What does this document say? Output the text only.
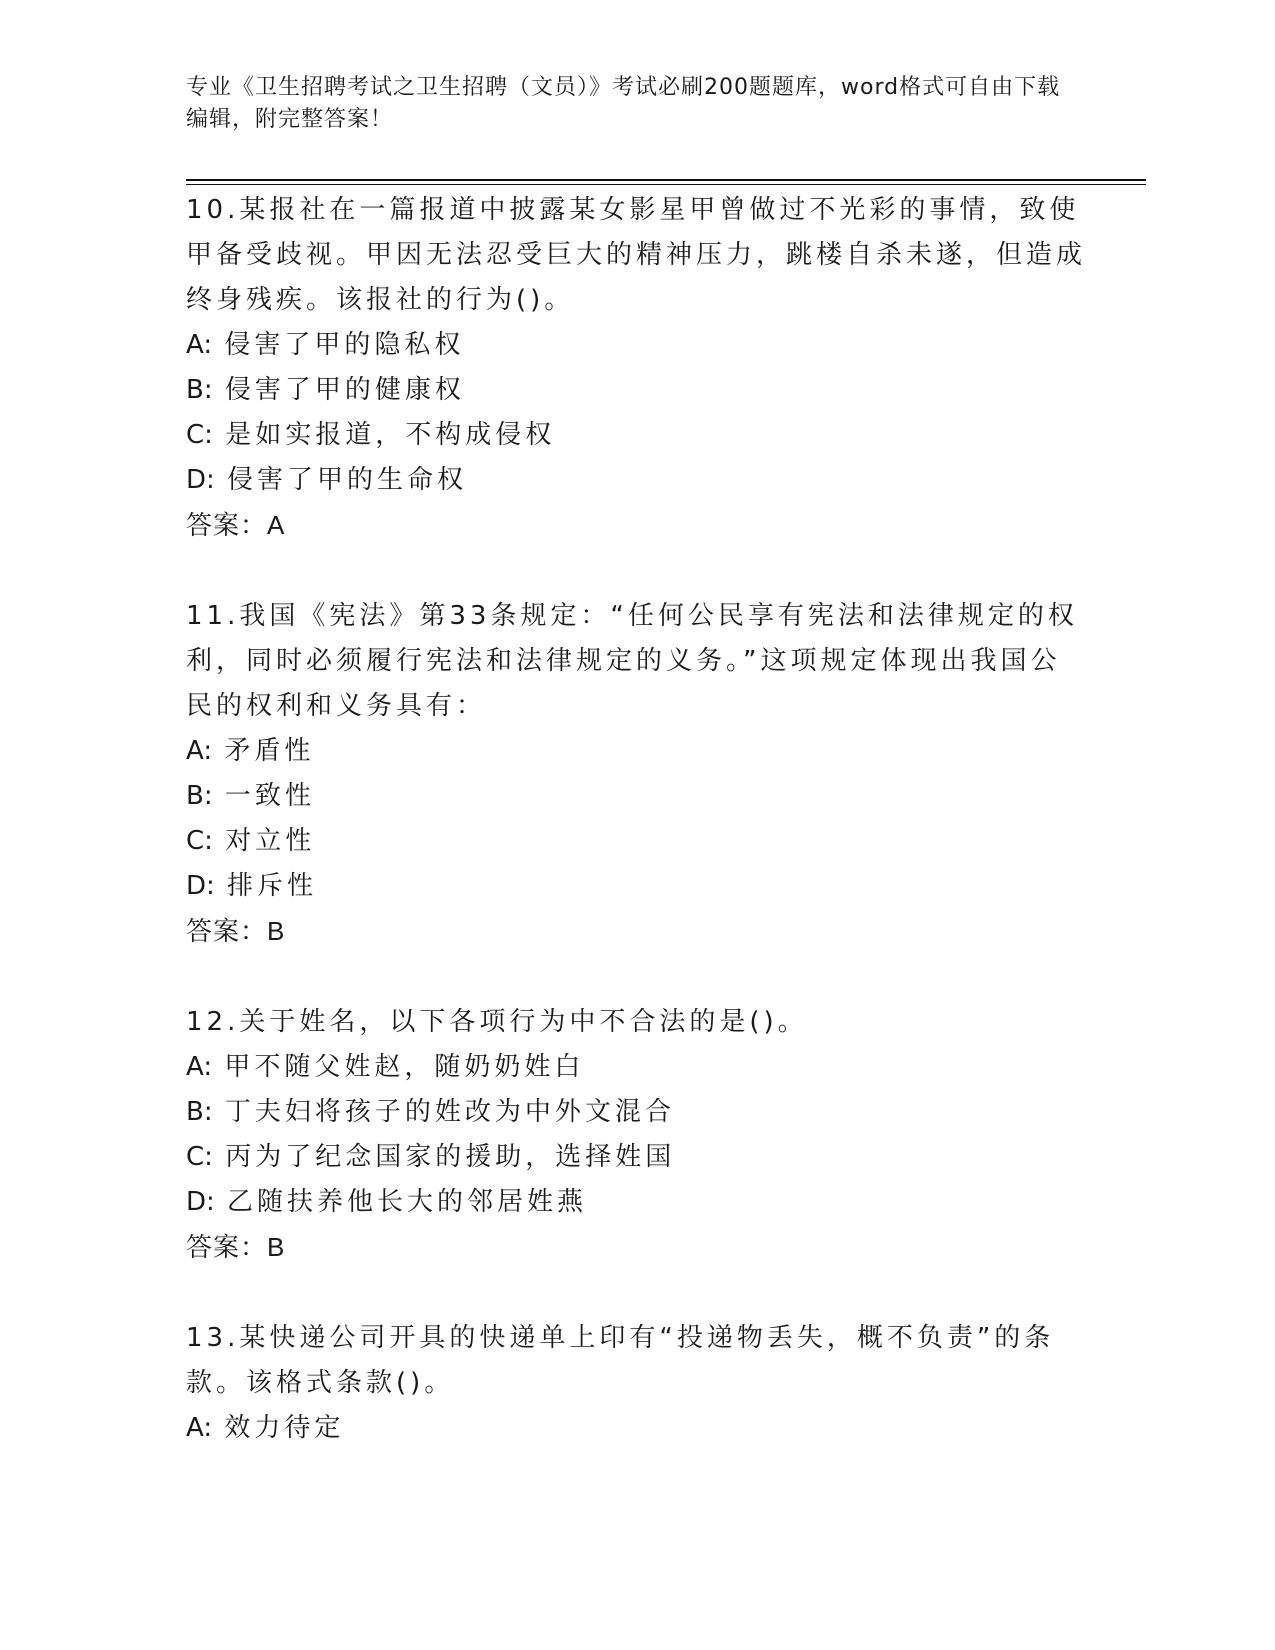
专业《卫生招聘考试之卫生招聘（文员）》考试必刷200题题库，word格式可自由下载编辑，附完整答案！

10.某报社在一篇报道中披露某女影星甲曾做过不光彩的事情，致使甲备受歧视。甲因无法忍受巨大的精神压力，跳楼自杀未遂，但造成终身残疾。该报社的行为()。

A: 侵害了甲的隐私权

B: 侵害了甲的健康权

C: 是如实报道，不构成侵权

D: 侵害了甲的生命权

答案：A

11.我国《宪法》第33条规定：“任何公民享有宪法和法律规定的权利，同时必须履行宪法和法律规定的义务。”这项规定体现出我国公民的权利和义务具有：

A: 矛盾性

B: 一致性

C: 对立性

D: 排斥性

答案：B

12.关于姓名，以下各项行为中不合法的是()。

A: 甲不随父姓赵，随奶奶姓白

B: 丁夫妇将孩子的姓改为中外文混合

C: 丙为了纪念国家的援助，选择姓国

D: 乙随扶养他长大的邻居姓燕

答案：B

13.某快递公司开具的快递单上印有“投递物丢失，概不负责”的条款。该格式条款()。

A: 效力待定
